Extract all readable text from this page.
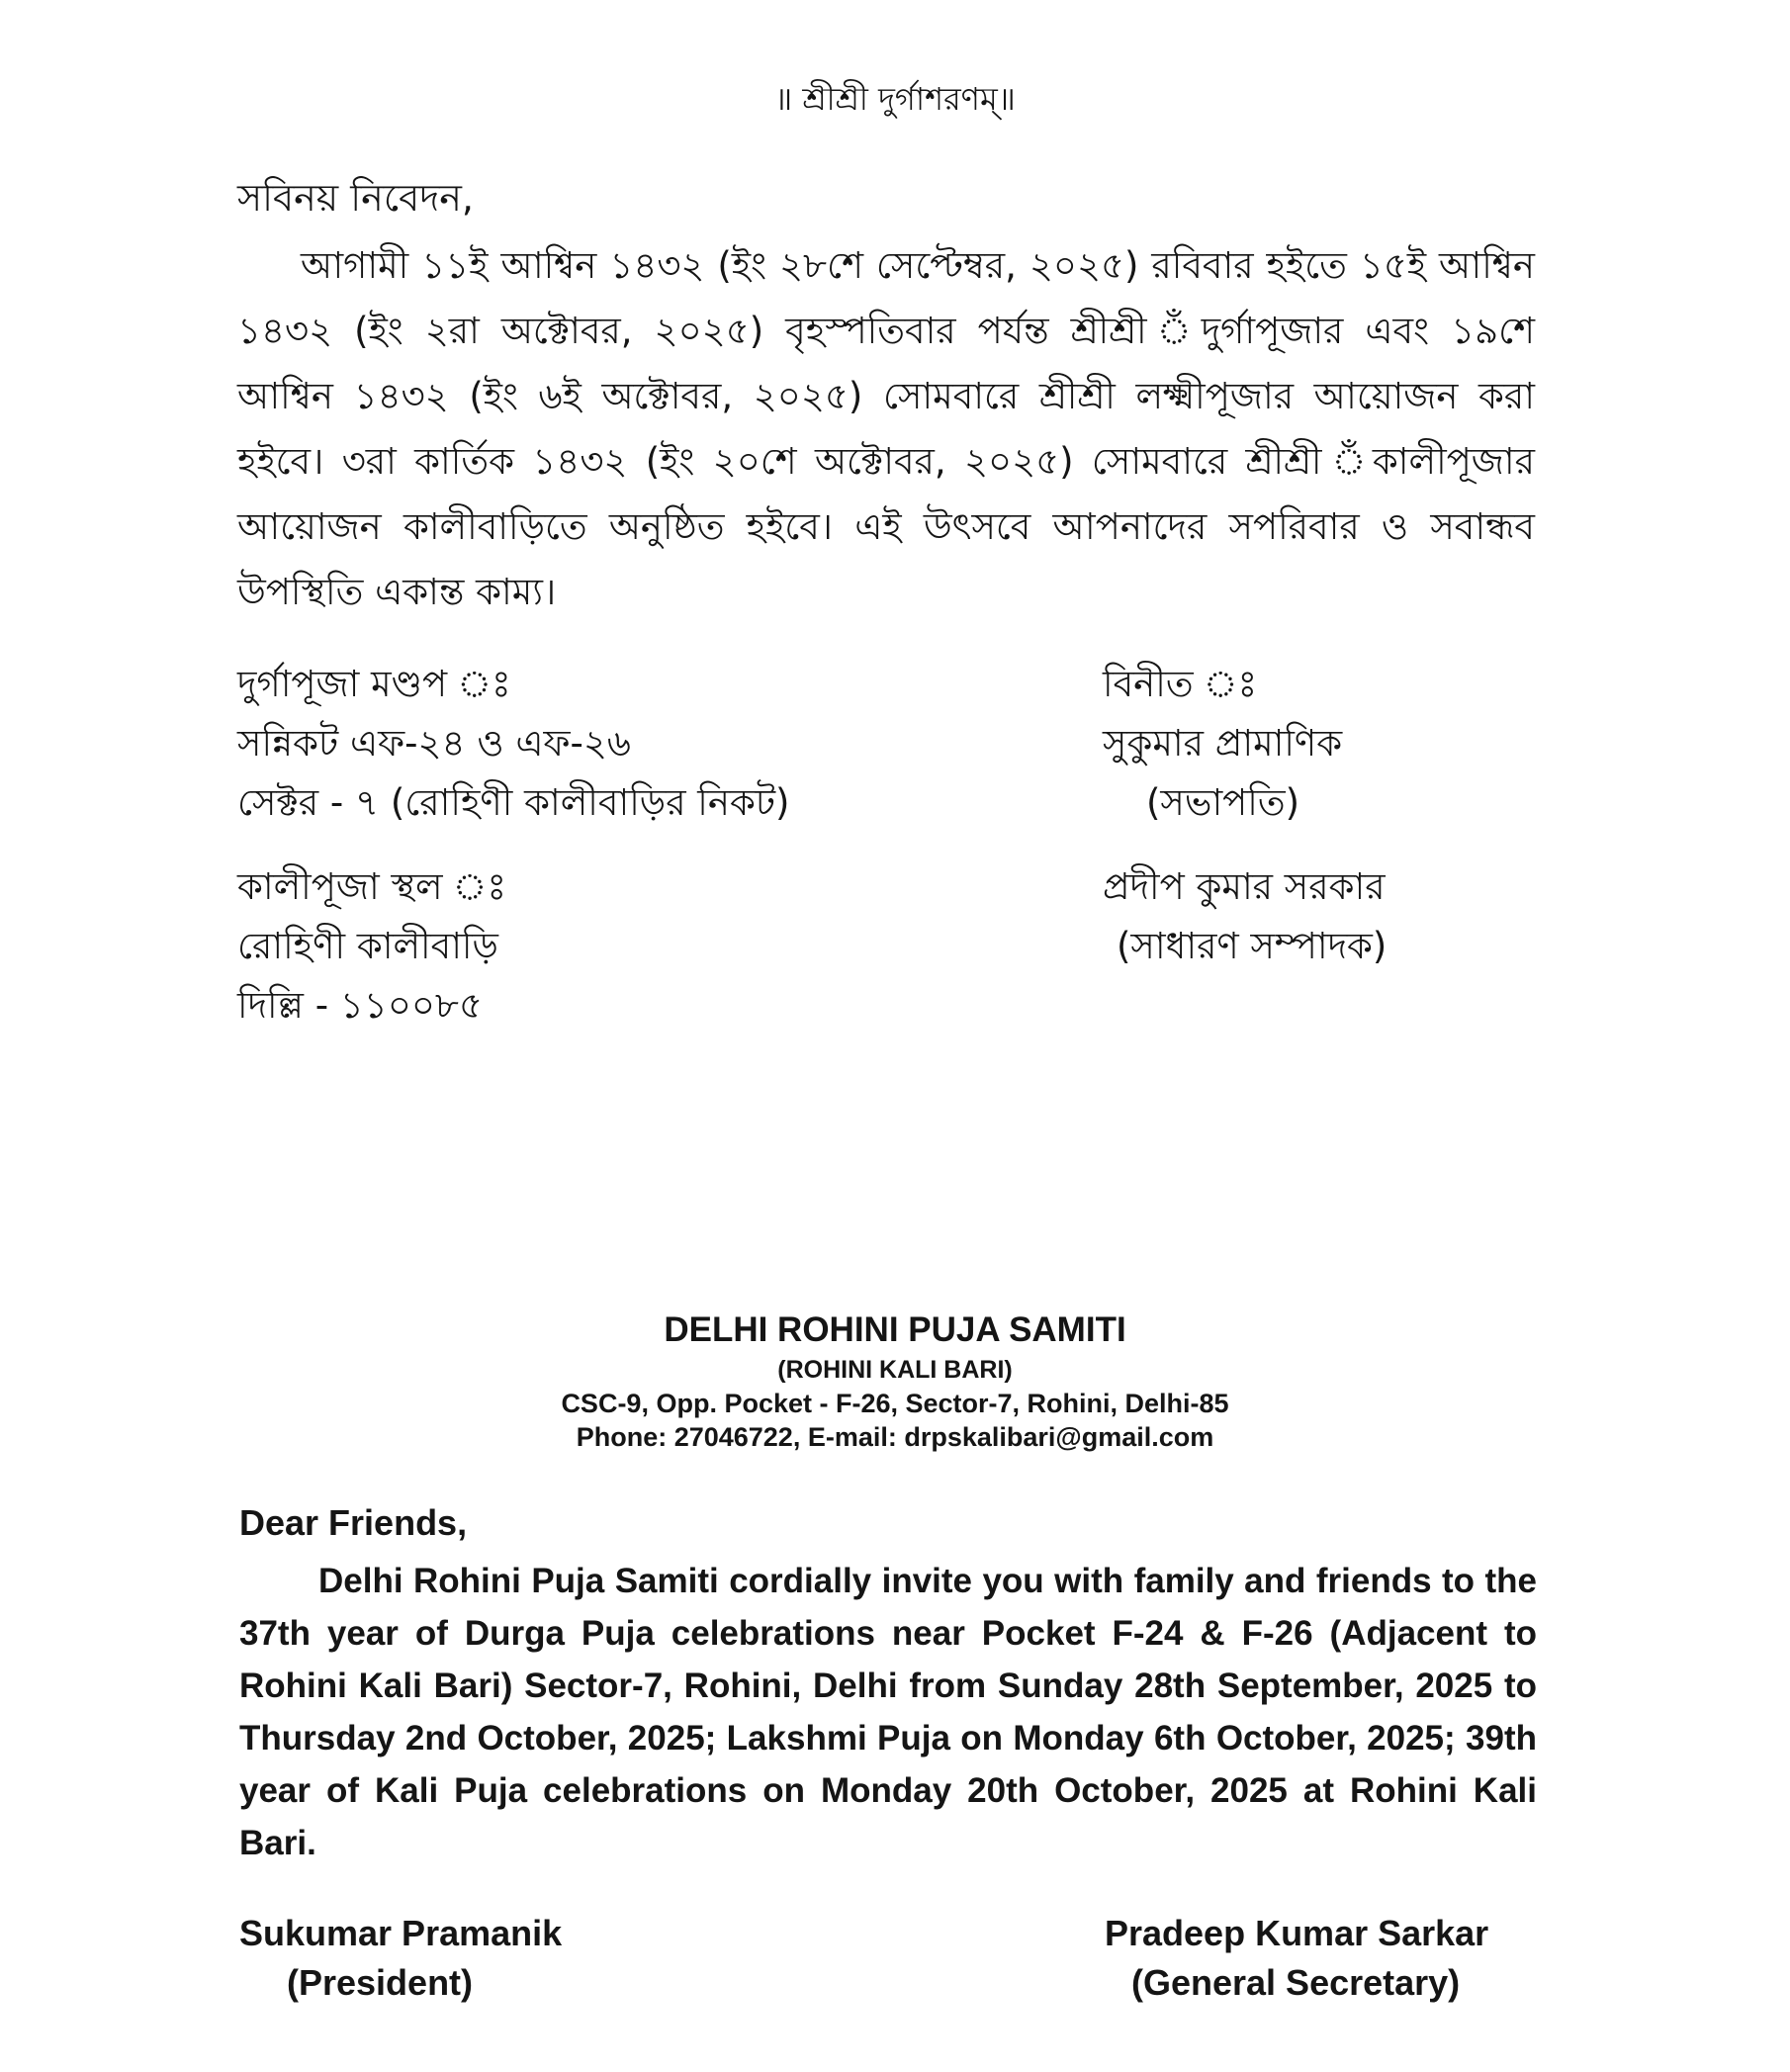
॥ শ্রীশ্রী দুর্গাশরণম্॥
সবিনয় নিবেদন,
আগামী ১১ই আশ্বিন ১৪৩২ (ইং ২৮শে সেপ্টেম্বর, ২০২৫) রবিবার হইতে ১৫ই আশ্বিন ১৪৩২ (ইং ২রা অক্টোবর, ২০২৫) বৃহস্পতিবার পর্যন্ত শ্রীশ্রী ঁদুর্গাপূজার এবং ১৯শে আশ্বিন ১৪৩২ (ইং ৬ই অক্টোবর, ২০২৫) সোমবারে শ্রীশ্রী লক্ষ্মীপূজার আয়োজন করা হইবে। ৩রা কার্তিক ১৪৩২ (ইং ২০শে অক্টোবর, ২০২৫) সোমবারে শ্রীশ্রী ঁকালীপূজার আয়োজন কালীবাড়িতে অনুষ্ঠিত হইবে। এই উৎসবে আপনাদের সপরিবার ও সবান্ধব উপস্থিতি একান্ত কাম্য।
দুর্গাপূজা মণ্ডপ ঃ
সন্নিকট এফ-২৪ ও এফ-২৬
সেক্টর - ৭ (রোহিণী কালীবাড়ির নিকট)
বিনীত ঃ
সুকুমার প্রামাণিক
(সভাপতি)
কালীপূজা স্থল ঃ
রোহিণী কালীবাড়ি
দিল্লি - ১১০০৮৫
প্রদীপ কুমার সরকার
(সাধারণ সম্পাদক)
DELHI ROHINI PUJA SAMITI
(ROHINI KALI BARI)
CSC-9, Opp. Pocket - F-26, Sector-7, Rohini, Delhi-85
Phone: 27046722, E-mail: drpskalibari@gmail.com
Dear Friends,
Delhi Rohini Puja Samiti cordially invite you with family and friends to the 37th year of Durga Puja celebrations near Pocket F-24 & F-26 (Adjacent to Rohini Kali Bari) Sector-7, Rohini, Delhi from Sunday 28th September, 2025 to Thursday 2nd October, 2025; Lakshmi Puja on Monday 6th October, 2025; 39th year of Kali Puja celebrations on Monday 20th October, 2025 at Rohini Kali Bari.
Sukumar Pramanik
(President)
Pradeep Kumar Sarkar
(General Secretary)
